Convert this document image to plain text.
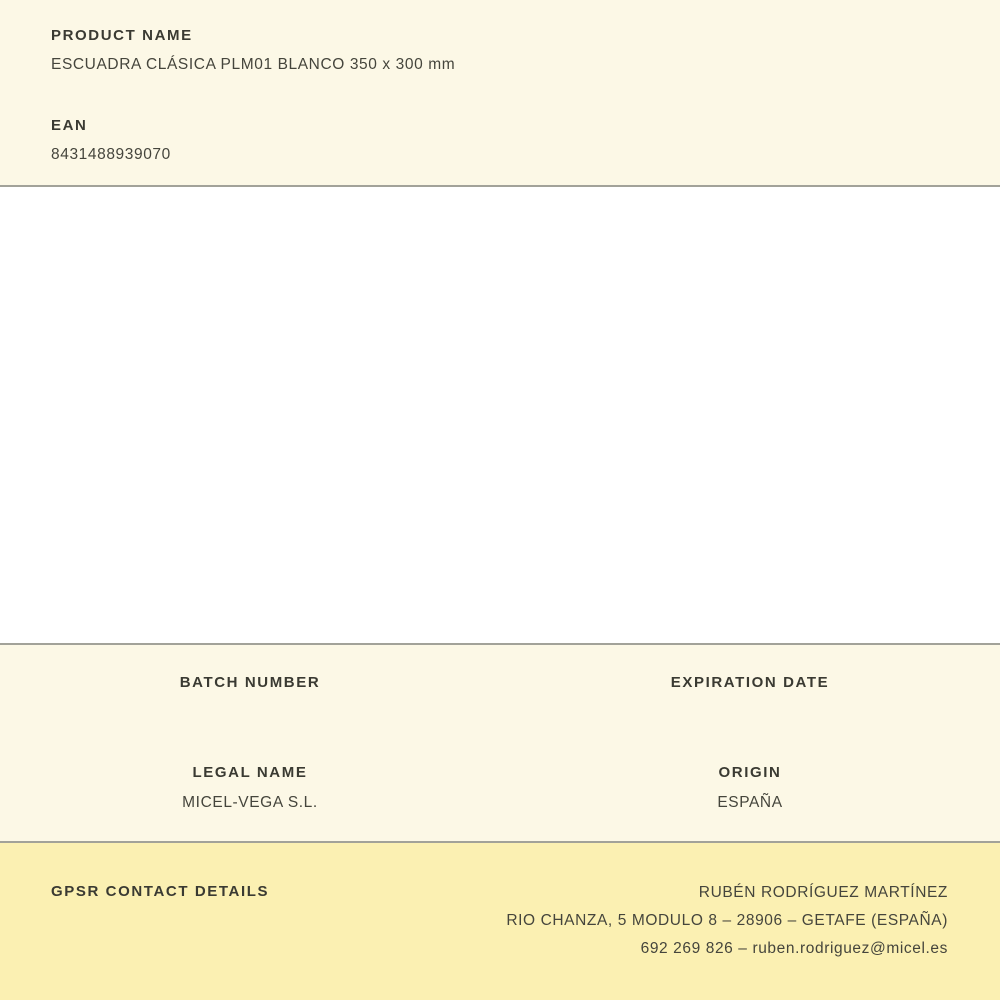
PRODUCT NAME
ESCUADRA CLÁSICA PLM01 BLANCO 350 x 300 mm
EAN
8431488939070
BATCH NUMBER	EXPIRATION DATE
LEGAL NAME
MICEL-VEGA S.L.
ORIGIN
ESPAÑA
GPSR CONTACT DETAILS	RUBÉN RODRÍGUEZ MARTÍNEZ
RIO CHANZA, 5 MODULO 8 – 28906 – GETAFE (ESPAÑA)
692 269 826 – ruben.rodriguez@micel.es
